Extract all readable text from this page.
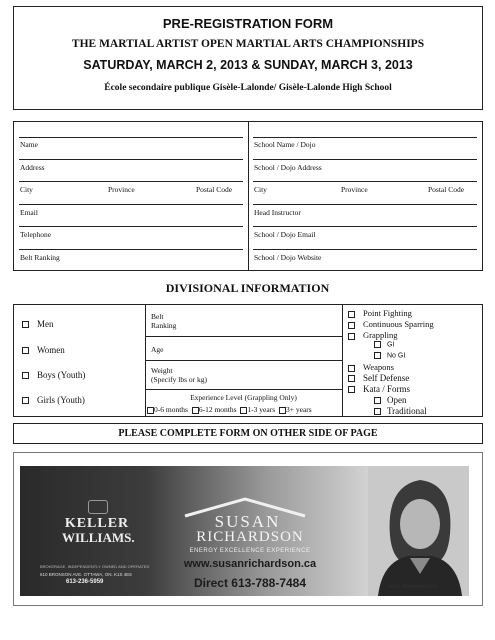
PRE-REGISTRATION FORM
THE MARTIAL ARTIST OPEN MARTIAL ARTS CHAMPIONSHIPS
SATURDAY, MARCH 2, 2013 & SUNDAY, MARCH 3, 2013
École secondaire publique Gisèle-Lalonde/ Gisèle-Lalonde High School
Name
Address
City	Province	Postal Code
Email
Telephone
Belt Ranking
School Name / Dojo
School / Dojo Address
City	Province	Postal Code
Head Instructor
School / Dojo Email
School / Dojo Website
DIVISIONAL INFORMATION
Men
Women
Boys (Youth)
Girls (Youth)
Belt
Ranking
Age
Weight
(Specify lbs or kg)
Experience Level (Grappling Only)
0-6 months 6-12 months 1-3 years 3+ years
Point Fighting
Continuous Sparring
Grappling
GI
No GI
Weapons
Self Defense
Kata / Forms
Open
Traditional
PLEASE COMPLETE FORM ON OTHER SIDE OF PAGE
KELLER
WILLIAMS.
BROKERAGE, INDEPENDENTLY OWNED AND OPERATED
610 BRONSON AVE. OTTAWA, ON. K1S 4E6
613-236-5959
SUSAN
RICHARDSON
ENERGY EXCELLENCE EXPERIENCE
www.susanrichardson.ca
Direct 613-788-7484	Sales Representative
